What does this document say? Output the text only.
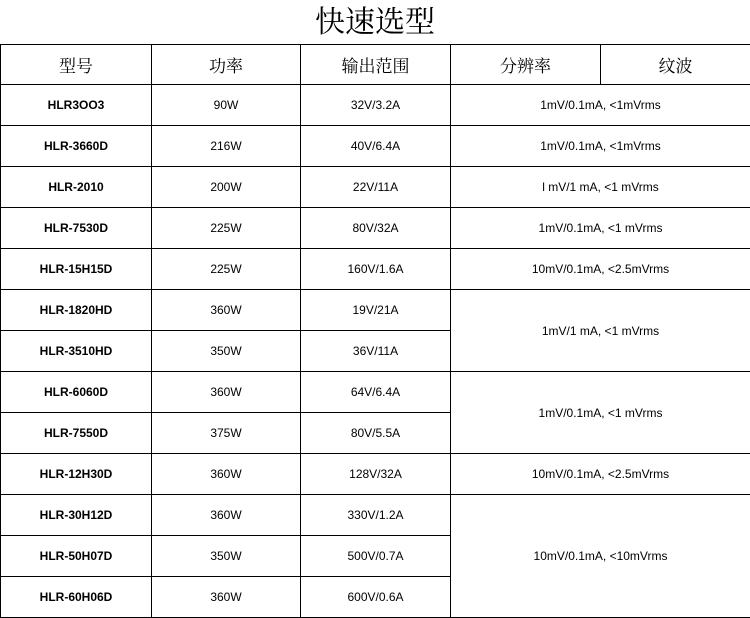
快速选型
型号	功率	输出范围	分辨率	纹波
HLR3OO3	90W	32V/3.2A	1mV/0.1mA, <1mVrms	
HLR-3660D	216W	40V/6.4A	1mV/0.1mA, <1mVrms	
HLR-2010	200W	22V/11A	l mV/1 mA, <1 mVrms	
HLR-7530D	225W	80V/32A	1mV/0.1mA, <1 mVrms	
HLR-15H15D	225W	160V/1.6A	10mV/0.1mA, <2.5mVrms	
HLR-1820HD	360W	19V/21A	1mV/1 mA, <1 mVrms	
HLR-3510HD	350W	36V/11A		
HLR-6060D	360W	64V/6.4A	1mV/0.1mA, <1 mVrms	
HLR-7550D	375W	80V/5.5A		
HLR-12H30D	360W	128V/32A	10mV/0.1mA, <2.5mVrms	
HLR-30H12D	360W	330V/1.2A	10mV/0.1mA, <10mVrms	
HLR-50H07D	350W	500V/0.7A		
HLR-60H06D	360W	600V/0.6A		
